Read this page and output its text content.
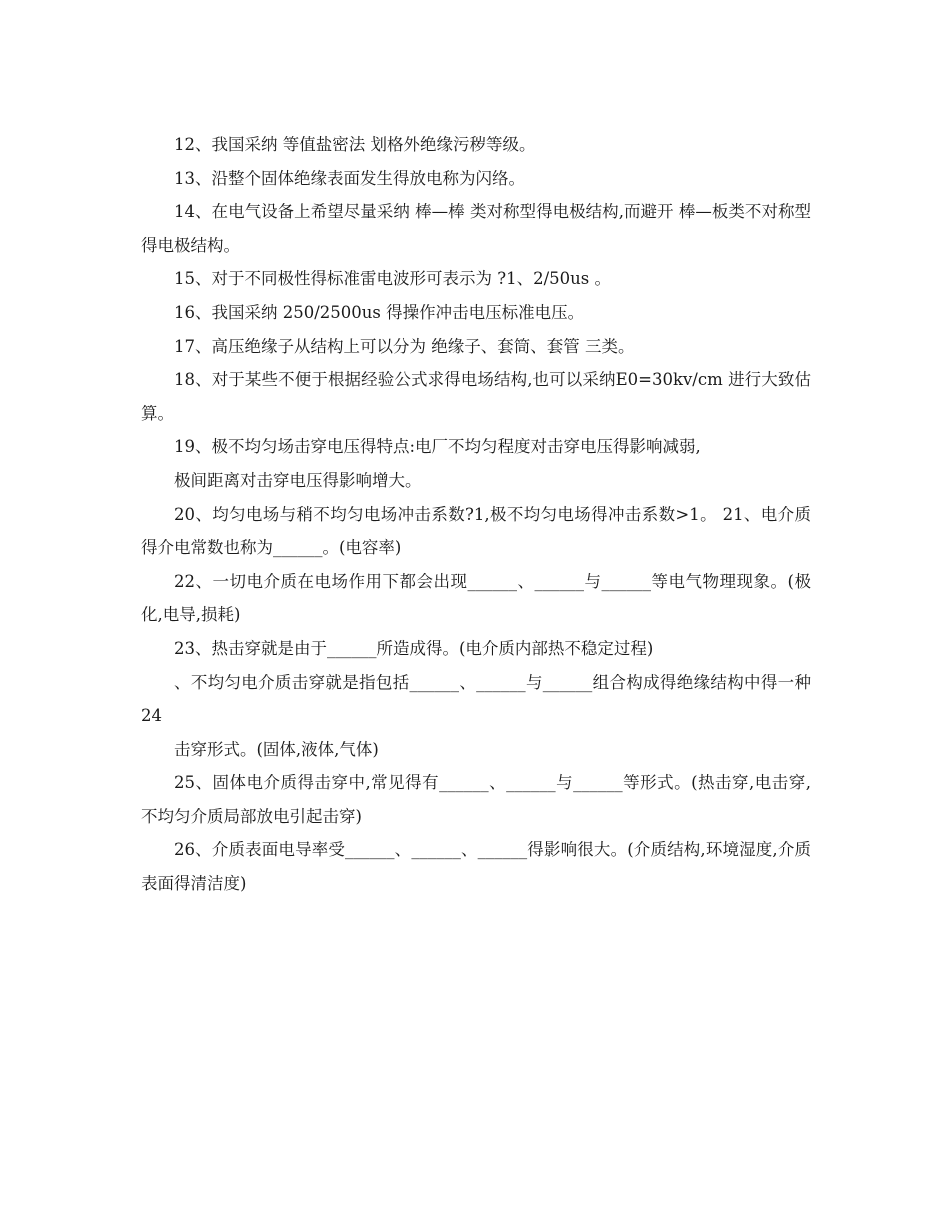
12、我国采纳 等值盐密法 划格外绝缘污秽等级。

13、沿整个固体绝缘表面发生得放电称为闪络。

14、在电气设备上希望尽量采纳 棒—棒 类对称型得电极结构,而避开 棒—板类不对称型得电极结构。

15、对于不同极性得标准雷电波形可表示为 ?1、2/50us 。

16、我国采纳 250/2500us 得操作冲击电压标准电压。

17、高压绝缘子从结构上可以分为 绝缘子、套筒、套管 三类。

18、对于某些不便于根据经验公式求得电场结构,也可以采纳E0=30kv/cm 进行大致估算。

19、极不均匀场击穿电压得特点:电厂不均匀程度对击穿电压得影响减弱,

极间距离对击穿电压得影响增大。

20、均匀电场与稍不均匀电场冲击系数?1,极不均匀电场得冲击系数>1。 21、电介质得介电常数也称为______。(电容率)

22、一切电介质在电场作用下都会出现______、______与______等电气物理现象。(极化,电导,损耗)

23、热击穿就是由于______所造成得。(电介质内部热不稳定过程)

、不均匀电介质击穿就是指包括______、______与______组合构成得绝缘结构中得一种24

击穿形式。(固体,液体,气体)

25、固体电介质得击穿中,常见得有______、______与______等形式。(热击穿,电击穿,不均匀介质局部放电引起击穿)

26、介质表面电导率受______、______、______得影响很大。(介质结构,环境湿度,介质表面得清洁度)
